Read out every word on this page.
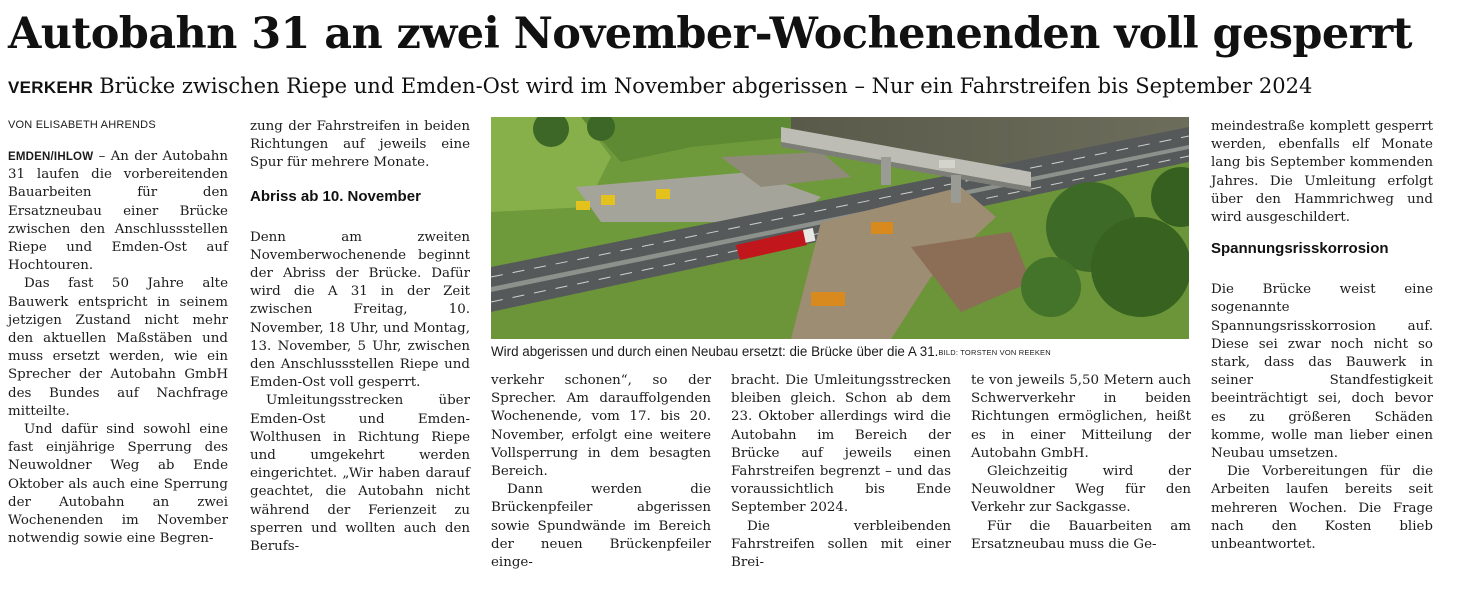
Autobahn 31 an zwei November-Wochenenden voll gesperrt
VERKEHR Brücke zwischen Riepe und Emden-Ost wird im November abgerissen – Nur ein Fahrstreifen bis September 2024
VON ELISABETH AHRENDS

EMDEN/IHLOW – An der Autobahn 31 laufen die vorbereitenden Bauarbeiten für den Ersatzneubau einer Brücke zwischen den Anschlussstellen Riepe und Emden-Ost auf Hochtouren.

Das fast 50 Jahre alte Bauwerk entspricht in seinem jetzigen Zustand nicht mehr den aktuellen Maßstäben und muss ersetzt werden, wie ein Sprecher der Autobahn GmbH des Bundes auf Nachfrage mitteilte.

Und dafür sind sowohl eine fast einjährige Sperrung des Neuwoldner Weg ab Ende Oktober als auch eine Sperrung der Autobahn an zwei Wochenenden im November notwendig sowie eine Begren-

zung der Fahrstreifen in beiden Richtungen auf jeweils eine Spur für mehrere Monate.

Abriss ab 10. November

Denn am zweiten Novemberwochenende beginnt der Abriss der Brücke. Dafür wird die A 31 in der Zeit zwischen Freitag, 10. November, 18 Uhr, und Montag, 13. November, 5 Uhr, zwischen den Anschlussstellen Riepe und Emden-Ost voll gesperrt.

Umleitungsstrecken über Emden-Ost und Emden-Wolthusen in Richtung Riepe und umgekehrt werden eingerichtet. „Wir haben darauf geachtet, die Autobahn nicht während der Ferienzeit zu sperren und wollten auch den Berufs-

Wird abgerissen und durch einen Neubau ersetzt: die Brücke über die A 31.BILD: TORSTEN VON REEKEN

verkehr schonen“, so der Sprecher. Am darauffolgenden Wochenende, vom 17. bis 20. November, erfolgt eine weitere Vollsperrung in dem besagten Bereich.

Dann werden die Brückenpfeiler abgerissen sowie Spundwände im Bereich der neuen Brückenpfeiler einge-

bracht. Die Umleitungsstrecken bleiben gleich. Schon ab dem 23. Oktober allerdings wird die Autobahn im Bereich der Brücke auf jeweils einen Fahrstreifen begrenzt – und das voraussichtlich bis Ende September 2024.

Die verbleibenden Fahrstreifen sollen mit einer Brei-

te von jeweils 5,50 Metern auch Schwerverkehr in beiden Richtungen ermöglichen, heißt es in einer Mitteilung der Autobahn GmbH.

Gleichzeitig wird der Neuwoldner Weg für den Verkehr zur Sackgasse.

Für die Bauarbeiten am Ersatzneubau muss die Ge-

meindestraße komplett gesperrt werden, ebenfalls elf Monate lang bis September kommenden Jahres. Die Umleitung erfolgt über den Hammrichweg und wird ausgeschildert.

Spannungsrisskorrosion

Die Brücke weist eine sogenannte Spannungsrisskorrosion auf. Diese sei zwar noch nicht so stark, dass das Bauwerk in seiner Standfestigkeit beeinträchtigt sei, doch bevor es zu größeren Schäden komme, wolle man lieber einen Neubau umsetzen.

Die Vorbereitungen für die Arbeiten laufen bereits seit mehreren Wochen. Die Frage nach den Kosten blieb unbeantwortet.
